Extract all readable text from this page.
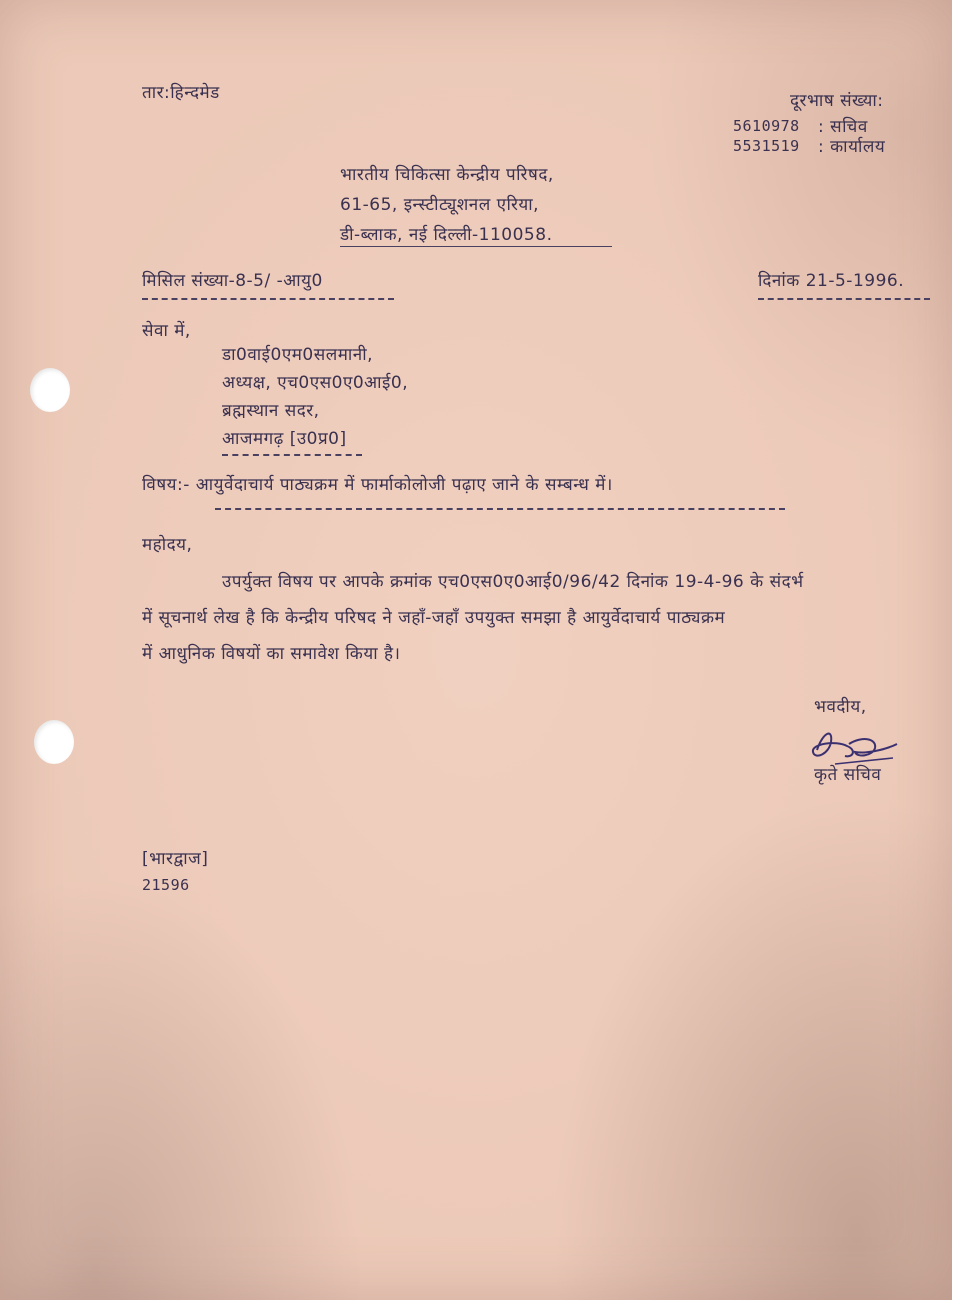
तार:हिन्दमेड	दूरभाष संख्या:
5610978 : सचिव
5531519 : कार्यालय
भारतीय चिकित्सा केन्द्रीय परिषद,
61-65, इन्स्टीट्यूशनल एरिया,
डी-ब्लाक, नई दिल्ली-110058.
मिसिल संख्या-8-5/ -आयु0	दिनांक 21-5-1996.
सेवा में,
डा0वाई0एम0सलमानी,
अध्यक्ष, एच0एस0ए0आई0,
ब्रह्मस्थान सदर,
आजमगढ़ [उ0प्र0]
विषय:- आयुर्वेदाचार्य पाठ्यक्रम में फार्माकोलोजी पढ़ाए जाने के सम्बन्ध में।
महोदय,
उपर्युक्त विषय पर आपके क्रमांक एच0एस0ए0आई0/96/42 दिनांक 19-4-96 के संदर्भ
में सूचनार्थ लेख है कि केन्द्रीय परिषद ने जहाँ-जहाँ उपयुक्त समझा है आयुर्वेदाचार्य पाठ्यक्रम
में आधुनिक विषयों का समावेश किया है।
भवदीय,
कृते सचिव
[भारद्वाज]
21596
